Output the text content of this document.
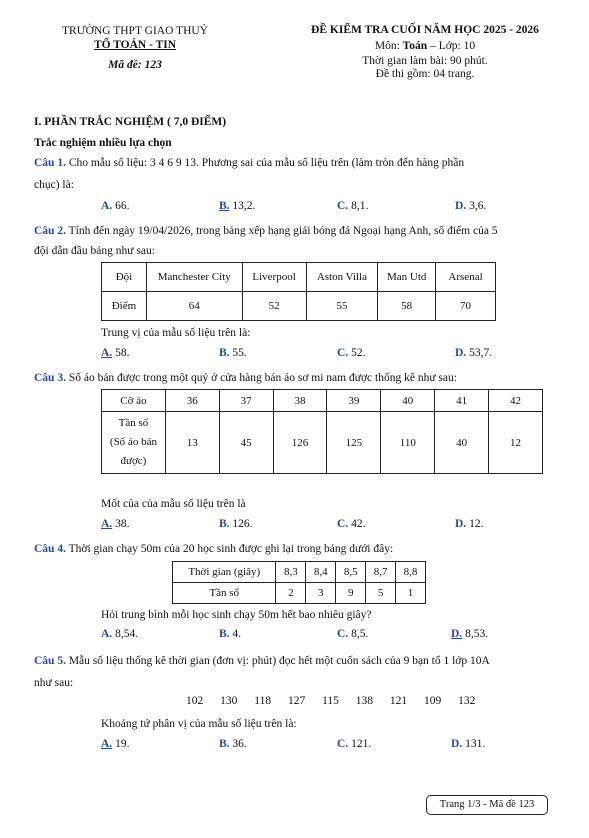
TRƯỜNG THPT GIAO THUỶ
TỔ TOÁN - TIN
Mã đề: 123
ĐỀ KIỂM TRA CUỐI NĂM HỌC 2025 - 2026
Môn: Toán – Lớp: 10
Thời gian làm bài: 90 phút.
Đề thi gồm: 04 trang.
I. PHẦN TRẮC NGHIỆM ( 7,0 ĐIỂM)
Trắc nghiệm nhiều lựa chọn
Câu 1. Cho mẫu số liệu: 3 4 6 9 13. Phương sai của mẫu số liệu trên (làm tròn đến hàng phần
chục) là:
A. 66.	B. 13,2.	C. 8,1.	D. 3,6.
Câu 2. Tính đến ngày 19/04/2026, trong bảng xếp hạng giải bóng đá Ngoại hạng Anh, số điểm của 5
đội dẫn đầu bảng như sau:
Đội	Manchester City	Liverpool	Aston Villa	Man Utd	Arsenal
Điểm	64	52	55	58	70
Trung vị của mẫu số liệu trên là:
A. 58.	B. 55.	C. 52.	D. 53,7.
Câu 3. Số áo bán được trong một quý ở cửa hàng bán áo sơ mi nam được thống kê như sau:
Cỡ áo	36	37	38	39	40	41	42

Tần số
(Số áo bán
được)	13	45	126	125	110	40	12
Mốt của của mẫu số liệu trên là
A. 38.	B. 126.	C. 42.	D. 12.
Câu 4. Thời gian chạy 50m của 20 học sinh được ghi lại trong bảng dưới đây:
Thời gian (giây)	8,3	8,4	8,5	8,7	8,8
Tần số	2	3	9	5	1
Hỏi trung bình mỗi học sinh chạy 50m hết bao nhiêu giây?
A. 8,54.	B. 4.	C. 8,5.	D. 8,53.
Câu 5. Mẫu số liệu thống kê thời gian (đơn vị: phút) đọc hết một cuốn sách của 9 bạn tổ 1 lớp 10A
như sau:
102 130 118 127 115 138 121 109 132
Khoảng tứ phân vị của mẫu số liệu trên là:
A. 19.	B. 36.	C. 121.	D. 131.
Trang 1/3 - Mã đề 123
